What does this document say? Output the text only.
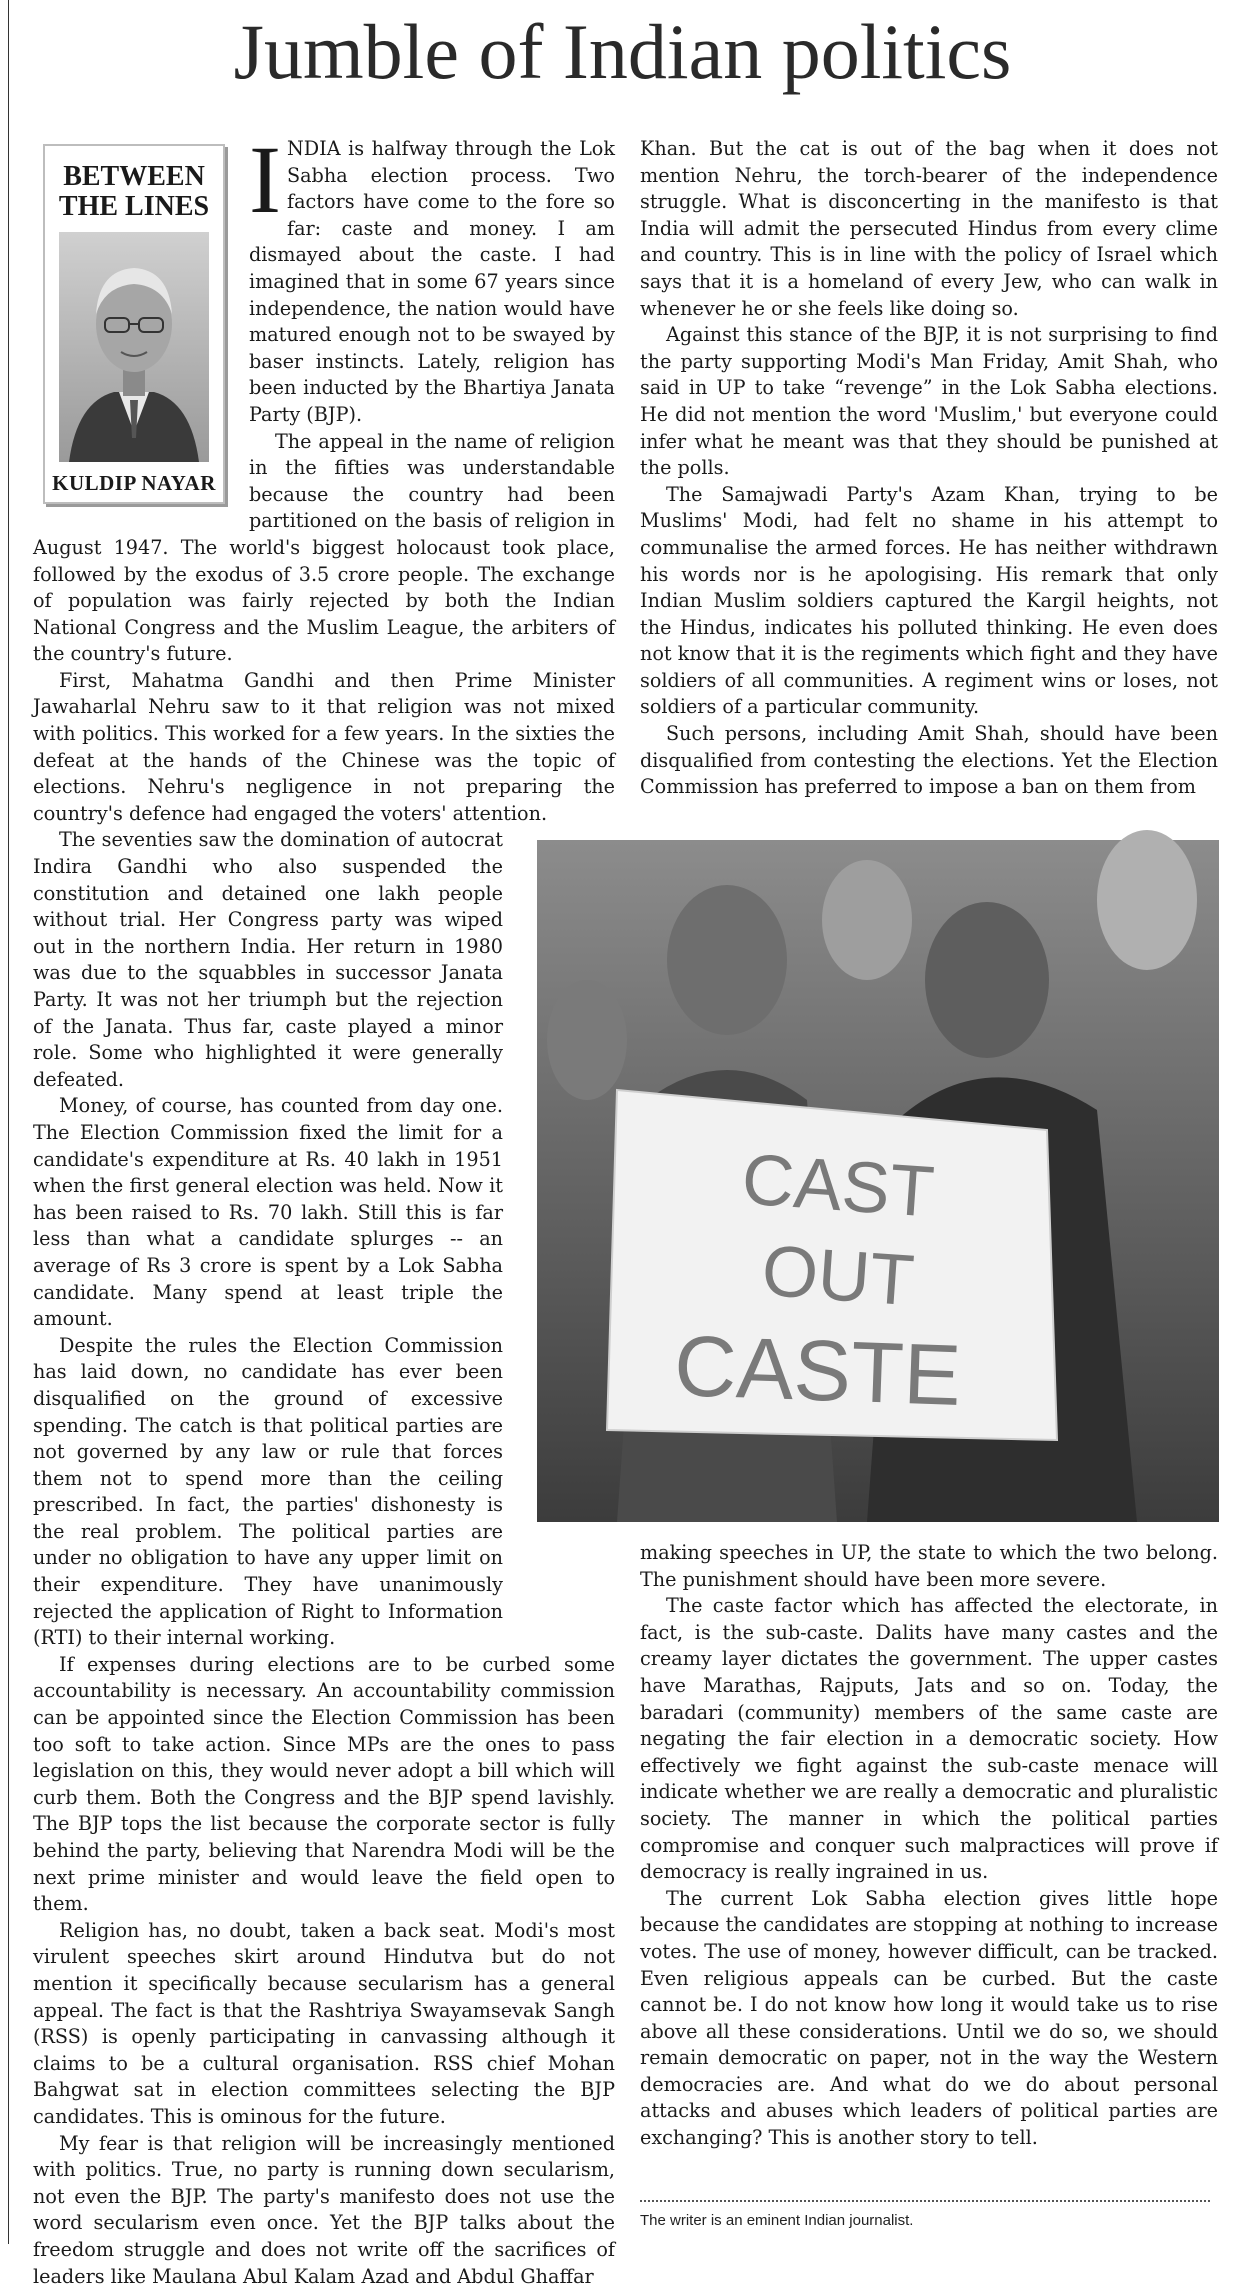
Jumble of Indian politics
BETWEEN THE LINES
KULDIP NAYAR
I NDIA is halfway through the Lok Sabha election process. Two factors have come to the fore so far: caste and money. I am dismayed about the caste. I had imagined that in some 67 years since independence, the nation would have matured enough not to be swayed by baser instincts. Lately, religion has been inducted by the Bhartiya Janata Party (BJP).

The appeal in the name of religion in the fifties was understandable because the country had been partitioned on the basis of religion in August 1947. The world's biggest holocaust took place, followed by the exodus of 3.5 crore people. The exchange of population was fairly rejected by both the Indian National Congress and the Muslim League, the arbiters of the country's future.

First, Mahatma Gandhi and then Prime Minister Jawaharlal Nehru saw to it that religion was not mixed with politics. This worked for a few years. In the sixties the defeat at the hands of the Chinese was the topic of elections. Nehru's negligence in not preparing the country's defence had engaged the voters' attention.

The seventies saw the domination of autocrat Indira Gandhi who also suspended the constitution and detained one lakh people without trial. Her Congress party was wiped out in the northern India. Her return in 1980 was due to the squabbles in successor Janata Party. It was not her triumph but the rejection of the Janata. Thus far, caste played a minor role. Some who highlighted it were generally defeated.

Money, of course, has counted from day one. The Election Commission fixed the limit for a candidate's expenditure at Rs. 40 lakh in 1951 when the first general election was held. Now it has been raised to Rs. 70 lakh. Still this is far less than what a candidate splurges -- an average of Rs 3 crore is spent by a Lok Sabha candidate. Many spend at least triple the amount.

Despite the rules the Election Commission has laid down, no candidate has ever been disqualified on the ground of excessive spending. The catch is that political parties are not governed by any law or rule that forces them not to spend more than the ceiling prescribed. In fact, the parties' dishonesty is the real problem. The political parties are under no obligation to have any upper limit on their expenditure. They have unanimously rejected the application of Right to Information (RTI) to their internal working.

If expenses during elections are to be curbed some accountability is necessary. An accountability commission can be appointed since the Election Commission has been too soft to take action. Since MPs are the ones to pass legislation on this, they would never adopt a bill which will curb them. Both the Congress and the BJP spend lavishly. The BJP tops the list because the corporate sector is fully behind the party, believing that Narendra Modi will be the next prime minister and would leave the field open to them.

Religion has, no doubt, taken a back seat. Modi's most virulent speeches skirt around Hindutva but do not mention it specifically because secularism has a general appeal. The fact is that the Rashtriya Swayamsevak Sangh (RSS) is openly participating in canvassing although it claims to be a cultural organisation. RSS chief Mohan Bahgwat sat in election committees selecting the BJP candidates. This is ominous for the future.

My fear is that religion will be increasingly mentioned with politics. True, no party is running down secularism, not even the BJP. The party's manifesto does not use the word secularism even once. Yet the BJP talks about the freedom struggle and does not write off the sacrifices of leaders like Maulana Abul Kalam Azad and Abdul Ghaffar

Khan. But the cat is out of the bag when it does not mention Nehru, the torch-bearer of the independence struggle. What is disconcerting in the manifesto is that India will admit the persecuted Hindus from every clime and country. This is in line with the policy of Israel which says that it is a homeland of every Jew, who can walk in whenever he or she feels like doing so.

Against this stance of the BJP, it is not surprising to find the party supporting Modi's Man Friday, Amit Shah, who said in UP to take “revenge” in the Lok Sabha elections. He did not mention the word 'Muslim,' but everyone could infer what he meant was that they should be punished at the polls.

The Samajwadi Party's Azam Khan, trying to be Muslims' Modi, had felt no shame in his attempt to communalise the armed forces. He has neither withdrawn his words nor is he apologising. His remark that only Indian Muslim soldiers captured the Kargil heights, not the Hindus, indicates his polluted thinking. He even does not know that it is the regiments which fight and they have soldiers of all communities. A regiment wins or loses, not soldiers of a particular community.

Such persons, including Amit Shah, should have been disqualified from contesting the elections. Yet the Election Commission has preferred to impose a ban on them from

CAST
OUT
CASTE

making speeches in UP, the state to which the two belong. The punishment should have been more severe.

The caste factor which has affected the electorate, in fact, is the sub-caste. Dalits have many castes and the creamy layer dictates the government. The upper castes have Marathas, Rajputs, Jats and so on. Today, the baradari (community) members of the same caste are negating the fair election in a democratic society. How effectively we fight against the sub-caste menace will indicate whether we are really a democratic and pluralistic society. The manner in which the political parties compromise and conquer such malpractices will prove if democracy is really ingrained in us.

The current Lok Sabha election gives little hope because the candidates are stopping at nothing to increase votes. The use of money, however difficult, can be tracked. Even religious appeals can be curbed. But the caste cannot be. I do not know how long it would take us to rise above all these considerations. Until we do so, we should remain democratic on paper, not in the way the Western democracies are. And what do we do about personal attacks and abuses which leaders of political parties are exchanging? This is another story to tell.

The writer is an eminent Indian journalist.
